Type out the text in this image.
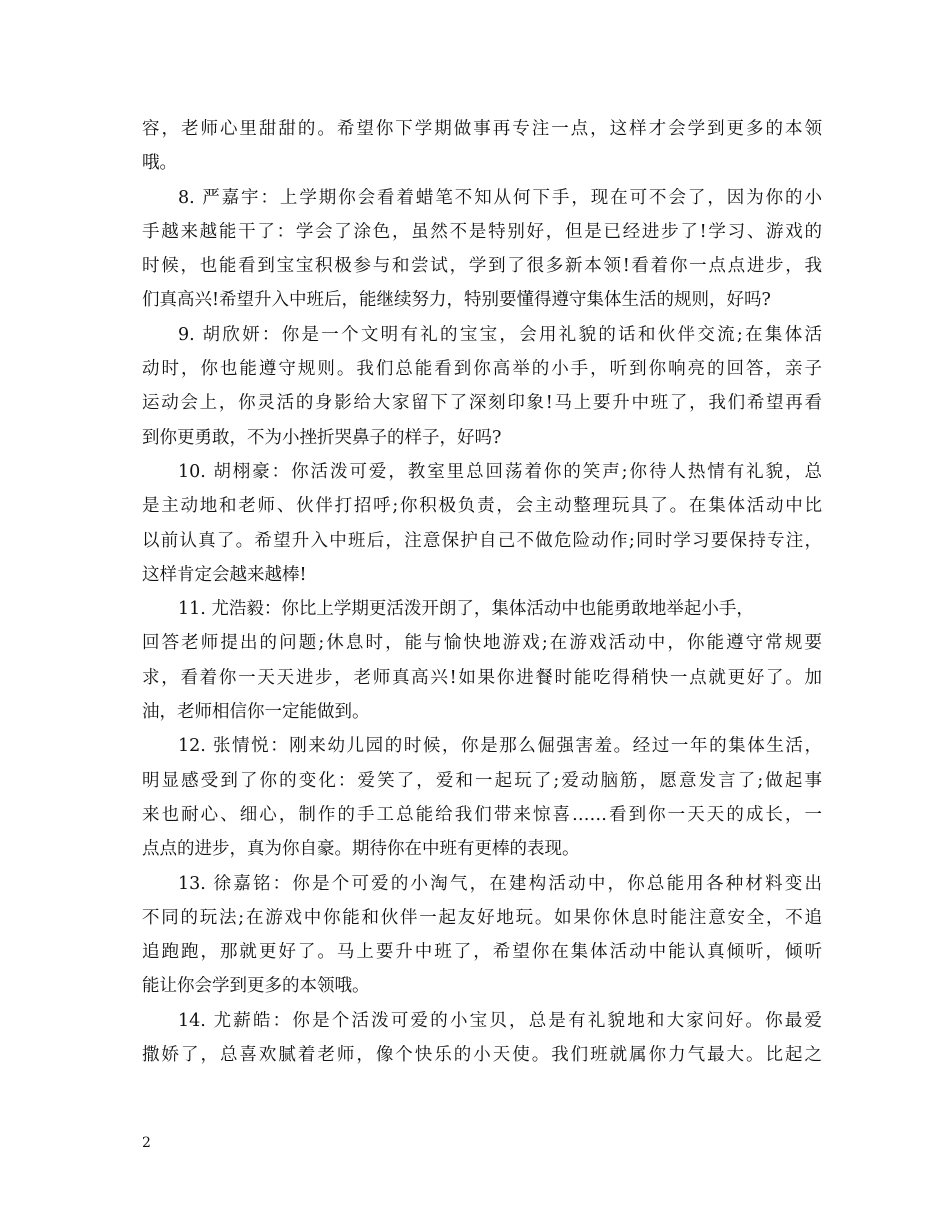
容，老师心里甜甜的。希望你下学期做事再专注一点，这样才会学到更多的本领
哦。
8. 严嘉宇：上学期你会看着蜡笔不知从何下手，现在可不会了，因为你的小
手越来越能干了：学会了涂色，虽然不是特别好，但是已经进步了!学习、游戏的
时候，也能看到宝宝积极参与和尝试，学到了很多新本领!看着你一点点进步，我
们真高兴!希望升入中班后，能继续努力，特别要懂得遵守集体生活的规则，好吗?
9. 胡欣妍：你是一个文明有礼的宝宝，会用礼貌的话和伙伴交流;在集体活
动时，你也能遵守规则。我们总能看到你高举的小手，听到你响亮的回答，亲子
运动会上，你灵活的身影给大家留下了深刻印象!马上要升中班了，我们希望再看
到你更勇敢，不为小挫折哭鼻子的样子，好吗?
10. 胡栩豪：你活泼可爱，教室里总回荡着你的笑声;你待人热情有礼貌，总
是主动地和老师、伙伴打招呼;你积极负责，会主动整理玩具了。在集体活动中比
以前认真了。希望升入中班后，注意保护自己不做危险动作;同时学习要保持专注，
这样肯定会越来越棒!
11. 尤浩毅：你比上学期更活泼开朗了，集体活动中也能勇敢地举起小手，
回答老师提出的问题;休息时，能与愉快地游戏;在游戏活动中，你能遵守常规要
求，看着你一天天进步，老师真高兴!如果你进餐时能吃得稍快一点就更好了。加
油，老师相信你一定能做到。
12. 张情悦：刚来幼儿园的时候，你是那么倔强害羞。经过一年的集体生活，
明显感受到了你的变化：爱笑了，爱和一起玩了;爱动脑筋，愿意发言了;做起事
来也耐心、细心，制作的手工总能给我们带来惊喜……看到你一天天的成长，一
点点的进步，真为你自豪。期待你在中班有更棒的表现。
13. 徐嘉铭：你是个可爱的小淘气，在建构活动中，你总能用各种材料变出
不同的玩法;在游戏中你能和伙伴一起友好地玩。如果你休息时能注意安全，不追
追跑跑，那就更好了。马上要升中班了，希望你在集体活动中能认真倾听，倾听
能让你会学到更多的本领哦。
14. 尤薪皓：你是个活泼可爱的小宝贝，总是有礼貌地和大家问好。你最爱
撒娇了，总喜欢腻着老师，像个快乐的小天使。我们班就属你力气最大。比起之
2
